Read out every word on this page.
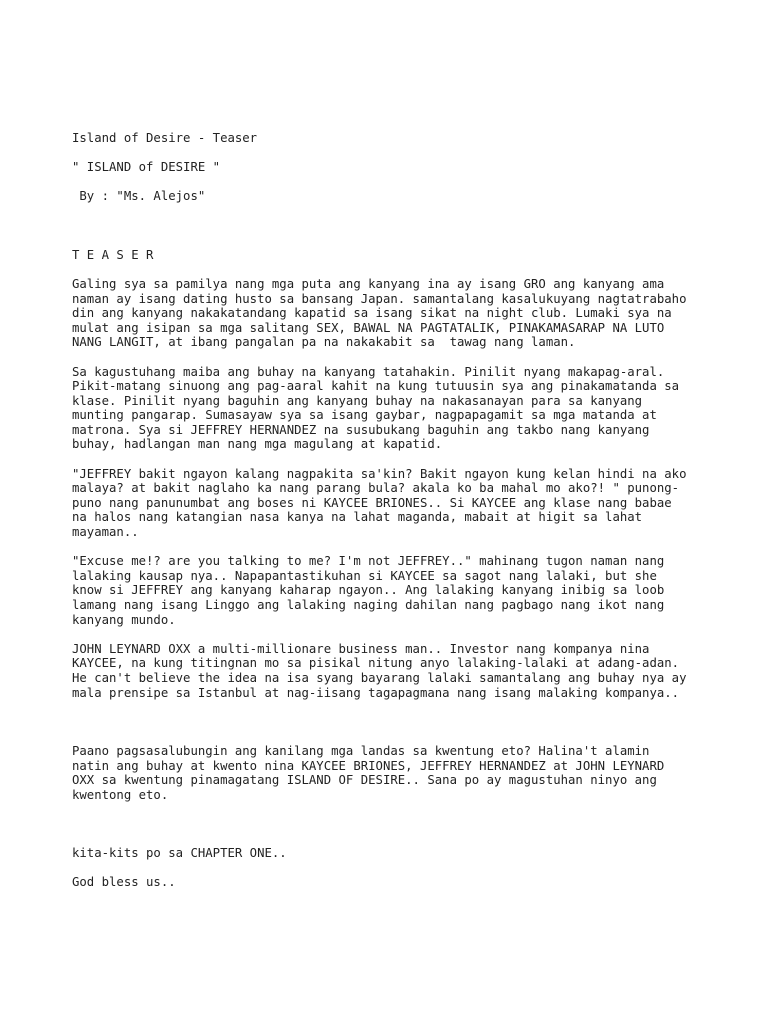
Island of Desire - Teaser
" ISLAND of DESIRE "
By : "Ms. Alejos"
T E A S E R
Galing sya sa pamilya nang mga puta ang kanyang ina ay isang GRO ang kanyang ama
naman ay isang dating husto sa bansang Japan. samantalang kasalukuyang nagtatrabaho
din ang kanyang nakakatandang kapatid sa isang sikat na night club. Lumaki sya na
mulat ang isipan sa mga salitang SEX, BAWAL NA PAGTATALIK, PINAKAMASARAP NA LUTO
NANG LANGIT, at ibang pangalan pa na nakakabit sa  tawag nang laman.
Sa kagustuhang maiba ang buhay na kanyang tatahakin. Pinilit nyang makapag-aral.
Pikit-matang sinuong ang pag-aaral kahit na kung tutuusin sya ang pinakamatanda sa
klase. Pinilit nyang baguhin ang kanyang buhay na nakasanayan para sa kanyang
munting pangarap. Sumasayaw sya sa isang gaybar, nagpapagamit sa mga matanda at
matrona. Sya si JEFFREY HERNANDEZ na susubukang baguhin ang takbo nang kanyang
buhay, hadlangan man nang mga magulang at kapatid.
"JEFFREY bakit ngayon kalang nagpakita sa'kin? Bakit ngayon kung kelan hindi na ako
malaya? at bakit naglaho ka nang parang bula? akala ko ba mahal mo ako?! " punong-
puno nang panunumbat ang boses ni KAYCEE BRIONES.. Si KAYCEE ang klase nang babae
na halos nang katangian nasa kanya na lahat maganda, mabait at higit sa lahat
mayaman..
"Excuse me!? are you talking to me? I'm not JEFFREY.." mahinang tugon naman nang
lalaking kausap nya.. Napapantastikuhan si KAYCEE sa sagot nang lalaki, but she
know si JEFFREY ang kanyang kaharap ngayon.. Ang lalaking kanyang inibig sa loob
lamang nang isang Linggo ang lalaking naging dahilan nang pagbago nang ikot nang
kanyang mundo.
JOHN LEYNARD OXX a multi-millionare business man.. Investor nang kompanya nina
KAYCEE, na kung titingnan mo sa pisikal nitung anyo lalaking-lalaki at adang-adan.
He can't believe the idea na isa syang bayarang lalaki samantalang ang buhay nya ay
mala prensipe sa Istanbul at nag-iisang tagapagmana nang isang malaking kompanya..
Paano pagsasalubungin ang kanilang mga landas sa kwentung eto? Halina't alamin
natin ang buhay at kwento nina KAYCEE BRIONES, JEFFREY HERNANDEZ at JOHN LEYNARD
OXX sa kwentung pinamagatang ISLAND OF DESIRE.. Sana po ay magustuhan ninyo ang
kwentong eto.
kita-kits po sa CHAPTER ONE..
God bless us..
